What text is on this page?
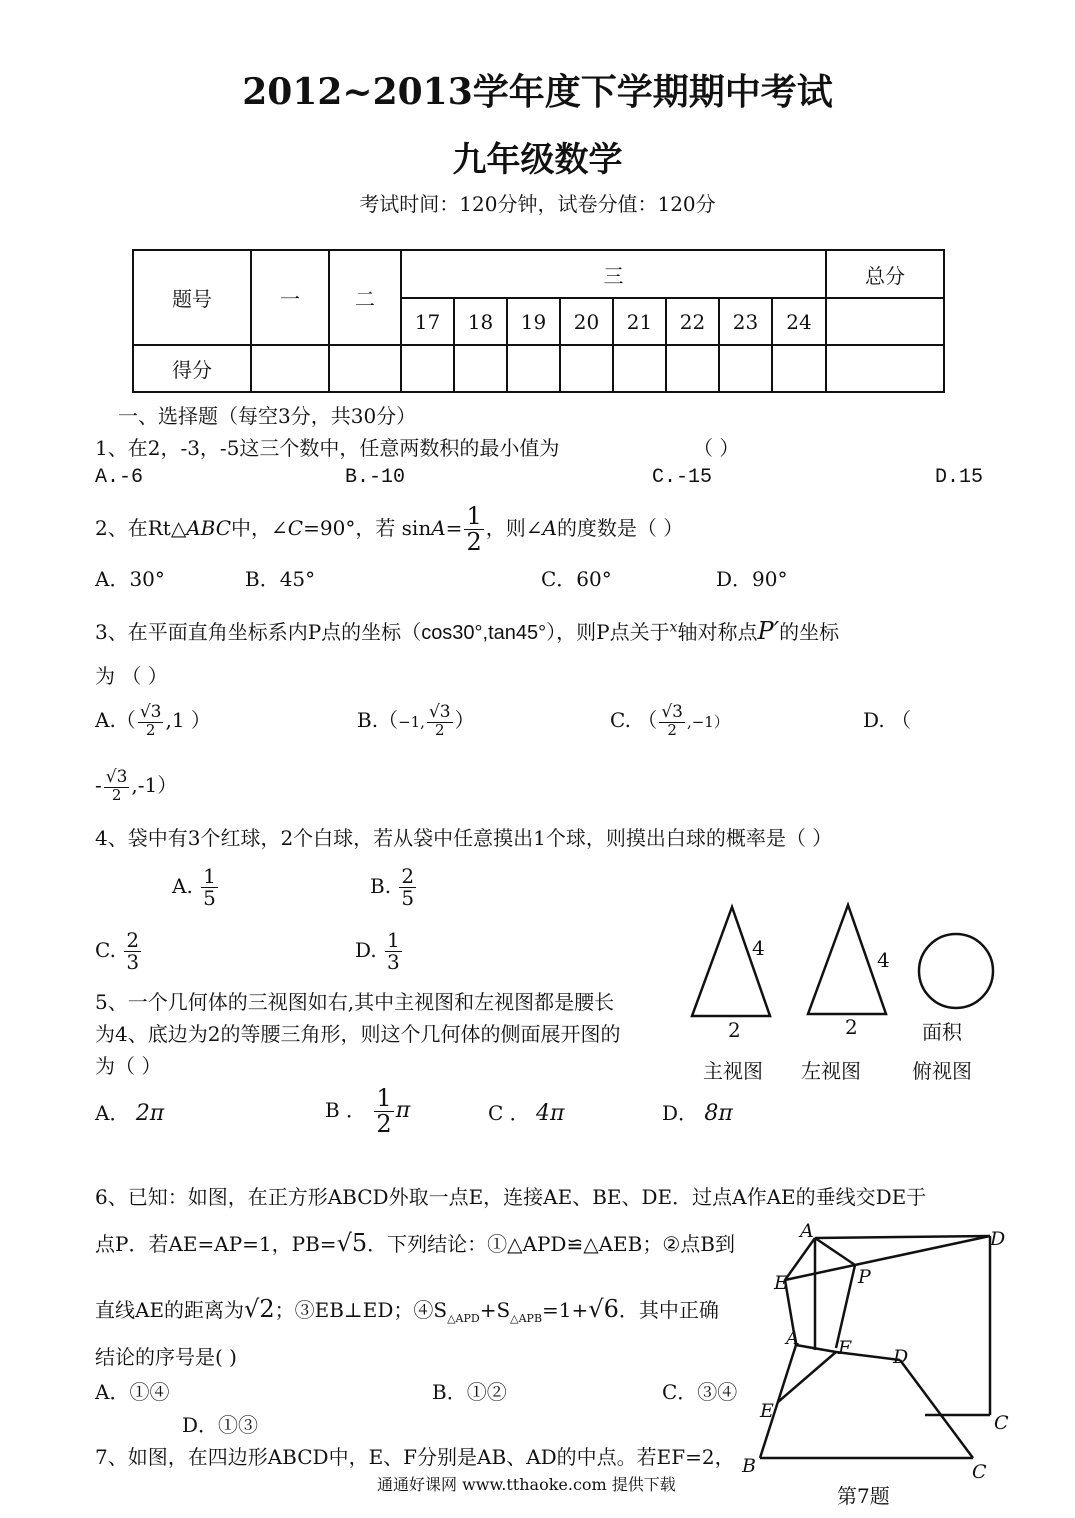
2012~2013学年度下学期期中考试
九年级数学
考试时间：120分钟，试卷分值：120分
题号	一	二	三								总分
			17	18	19	20	21	22	23	24	
得分											
一、选择题（每空3分，共30分）
1、在2，-3，-5这三个数中，任意两数积的最小值为	（ ）
A.-6	B.-10	C.-15	D.15
2、在Rt△ABC中，∠C=90°，若 $\sin A= \frac{1}{2}$ ，则∠A的度数是（ ）
A．30°	B．45°	C．60°	D．90°
3、在平面直角坐标系内P点的坐标（cos30°,tan45°），则P点关于$^x$轴对称点P′的坐标
为 （ ）
$A.( \frac{√3}{2} ,1$ ）	B.（−1, $\frac{√3}{2}$ ）	C. （ $\frac{√3}{2} ,-1$）	D. （
- $\frac{√3}{2} ,-1$）
4、袋中有3个红球，2个白球，若从袋中任意摸出1个球，则摸出白球的概率是（ ）
A. $\frac{1}{5}$	B. $\frac{2}{5}$
C. $\frac{2}{3}$	D. $\frac{1}{3}$
5、一个几何体的三视图如右,其中主视图和左视图都是腰长
为4、底边为2的等腰三角形，则这个几何体的侧面展开图的
为（ ）
A． 2π	B ． $\frac{1}{2}$ π	C ． 4π	D． 8π
4
2
4
2	面积
主视图 左视图	俯视图
6、已知：如图，在正方形ABCD外取一点E，连接AE、BE、DE．过点A作AE的垂线交DE于
点P．若AE=AP=1，PB=√5．下列结论：①△APD≌△AEB；②点B到
直线AE的距离为√2；③EB⊥ED；$④S_{\triangle APD}+S_{\triangle APB}=1+√6$．其中正确
结论的序号是( )
A．①④	B．①②	C．③④
D．①③
7、如图，在四边形ABCD中，E、F分别是AB、AD的中点。若EF=2，
A	D
E	P
C
A F D
E
B	C
第7题
通通好课网 www.tthaoke.com 提供下载
